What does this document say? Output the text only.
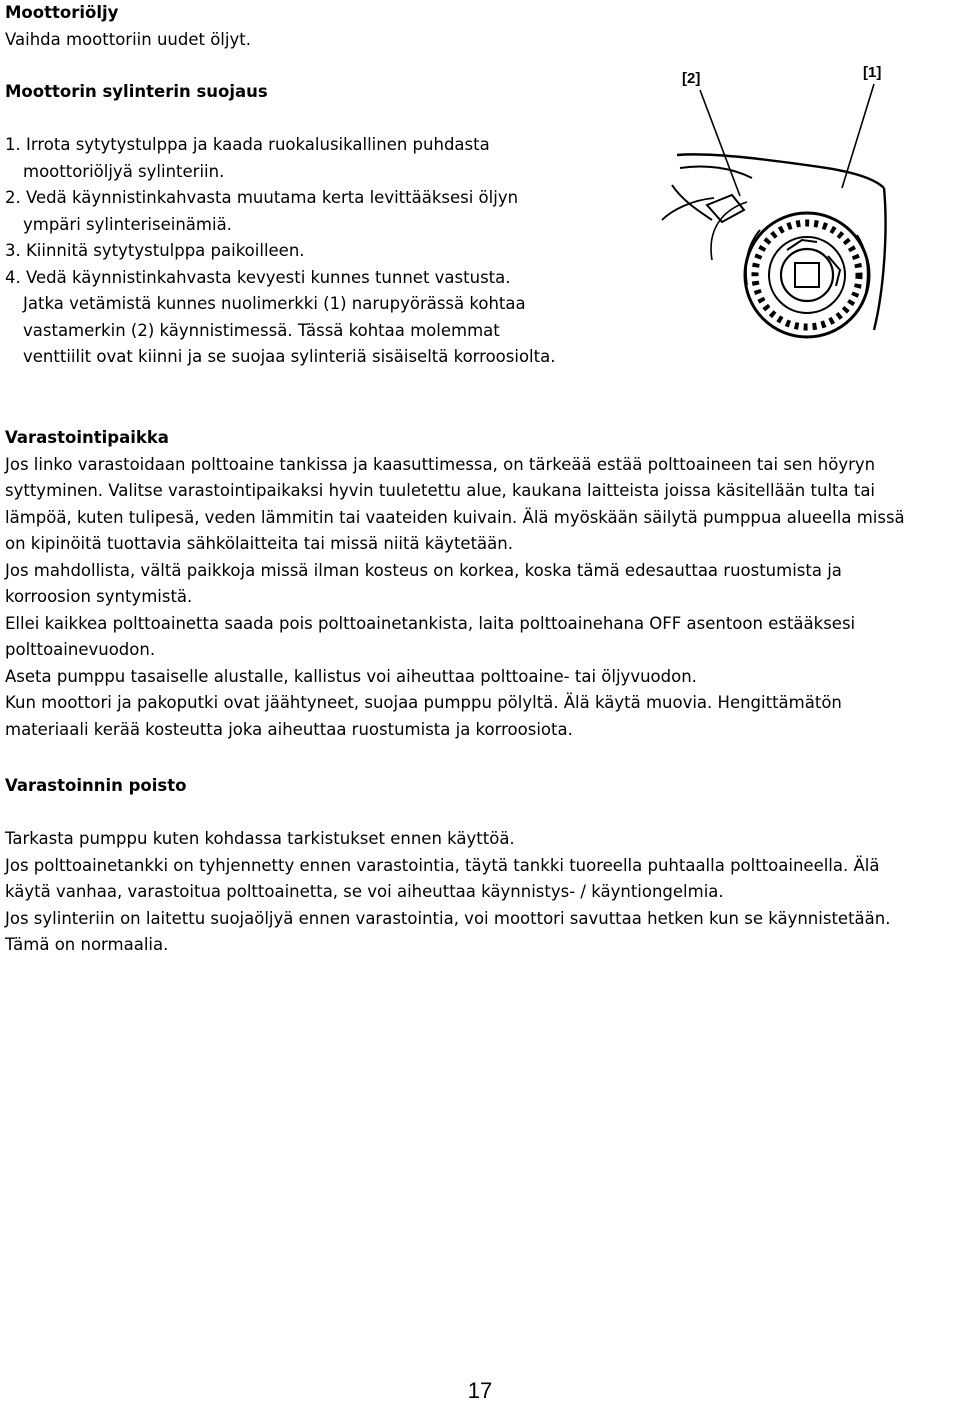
Moottoriöljy
Vaihda moottoriin uudet öljyt.
Moottorin sylinterin suojaus
1. Irrota sytytystulppa ja kaada ruokalusikallinen puhdasta
moottoriöljyä sylinteriin.
2. Vedä käynnistinkahvasta muutama kerta levittääksesi öljyn
ympäri sylinteriseinämiä.
3. Kiinnitä sytytystulppa paikoilleen.
4. Vedä käynnistinkahvasta kevyesti kunnes tunnet vastusta.
Jatka vetämistä kunnes nuolimerkki (1) narupyörässä kohtaa
vastamerkin (2) käynnistimessä. Tässä kohtaa molemmat
venttiilit ovat kiinni ja se suojaa sylinteriä sisäiseltä korroosiolta.
[2]	[1]
Varastointipaikka
Jos linko varastoidaan polttoaine tankissa ja kaasuttimessa, on tärkeää estää polttoaineen tai sen höyryn
syttyminen. Valitse varastointipaikaksi hyvin tuuletettu alue, kaukana laitteista joissa käsitellään tulta tai
lämpöä, kuten tulipesä, veden lämmitin tai vaateiden kuivain. Älä myöskään säilytä pumppua alueella missä
on kipinöitä tuottavia sähkölaitteita tai missä niitä käytetään.
Jos mahdollista, vältä paikkoja missä ilman kosteus on korkea, koska tämä edesauttaa ruostumista ja
korroosion syntymistä.
Ellei kaikkea polttoainetta saada pois polttoainetankista, laita polttoainehana OFF asentoon estääksesi
polttoainevuodon.
Aseta pumppu tasaiselle alustalle, kallistus voi aiheuttaa polttoaine- tai öljyvuodon.
Kun moottori ja pakoputki ovat jäähtyneet, suojaa pumppu pölyltä. Älä käytä muovia. Hengittämätön
materiaali kerää kosteutta joka aiheuttaa ruostumista ja korroosiota.
Varastoinnin poisto
Tarkasta pumppu kuten kohdassa tarkistukset ennen käyttöä.
Jos polttoainetankki on tyhjennetty ennen varastointia, täytä tankki tuoreella puhtaalla polttoaineella. Älä
käytä vanhaa, varastoitua polttoainetta, se voi aiheuttaa käynnistys- / käyntiongelmia.
Jos sylinteriin on laitettu suojaöljyä ennen varastointia, voi moottori savuttaa hetken kun se käynnistetään.
Tämä on normaalia.
17
